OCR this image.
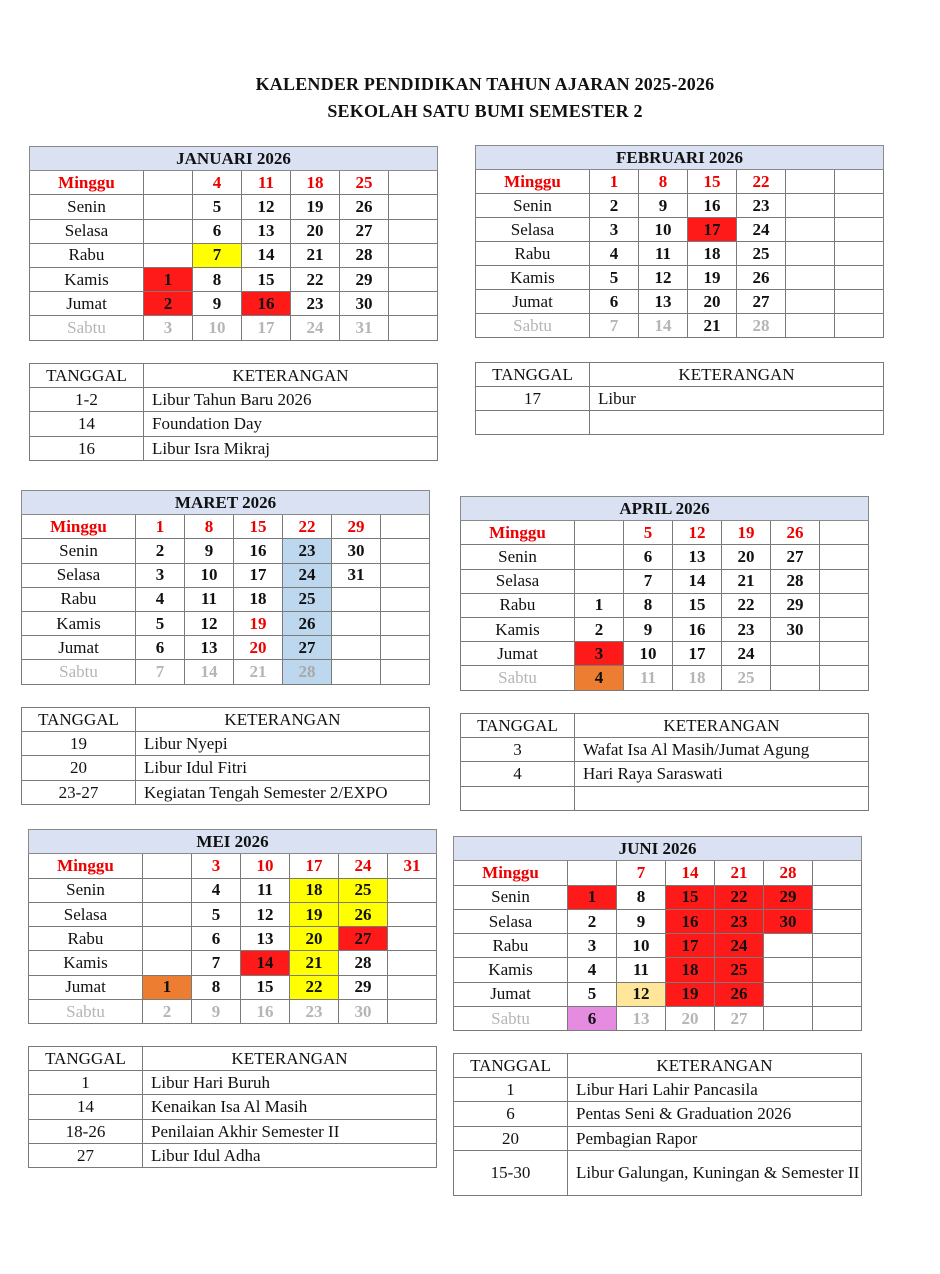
KALENDER PENDIDIKAN TAHUN AJARAN 2025-2026
SEKOLAH SATU BUMI SEMESTER 2
JANUARI 2026						
Minggu		4	11	18	25	
Senin		5	12	19	26	
Selasa		6	13	20	27	
Rabu		7	14	21	28	
Kamis	1	8	15	22	29	
Jumat	2	9	16	23	30	
Sabtu	3	10	17	24	31	
TANGGAL	KETERANGAN
1-2	Libur Tahun Baru 2026
14	Foundation Day
16	Libur Isra Mikraj
FEBRUARI 2026						
Minggu	1	8	15	22		
Senin	2	9	16	23		
Selasa	3	10	17	24		
Rabu	4	11	18	25		
Kamis	5	12	19	26		
Jumat	6	13	20	27		
Sabtu	7	14	21	28		
TANGGAL	KETERANGAN
17	Libur

MARET 2026						
Minggu	1	8	15	22	29	
Senin	2	9	16	23	30	
Selasa	3	10	17	24	31	
Rabu	4	11	18	25		
Kamis	5	12	19	26		
Jumat	6	13	20	27		
Sabtu	7	14	21	28		
TANGGAL	KETERANGAN
19	Libur Nyepi
20	Libur Idul Fitri
23-27	Kegiatan Tengah Semester 2/EXPO
APRIL 2026						
Minggu		5	12	19	26	
Senin		6	13	20	27	
Selasa		7	14	21	28	
Rabu	1	8	15	22	29	
Kamis	2	9	16	23	30	
Jumat	3	10	17	24		
Sabtu	4	11	18	25		
TANGGAL	KETERANGAN
3	Wafat Isa Al Masih/Jumat Agung
4	Hari Raya Saraswati

MEI 2026						
Minggu		3	10	17	24	31
Senin		4	11	18	25	
Selasa		5	12	19	26	
Rabu		6	13	20	27	
Kamis		7	14	21	28	
Jumat	1	8	15	22	29	
Sabtu	2	9	16	23	30	
TANGGAL	KETERANGAN
1	Libur Hari Buruh
14	Kenaikan Isa Al Masih
18-26	Penilaian Akhir Semester II
27	Libur Idul Adha
JUNI 2026						
Minggu		7	14	21	28	
Senin	1	8	15	22	29	
Selasa	2	9	16	23	30	
Rabu	3	10	17	24		
Kamis	4	11	18	25		
Jumat	5	12	19	26		
Sabtu	6	13	20	27		
TANGGAL	KETERANGAN
1	Libur Hari Lahir Pancasila
6	Pentas Seni & Graduation 2026
20	Pembagian Rapor
15-30	Libur Galungan, Kuningan & Semester II
